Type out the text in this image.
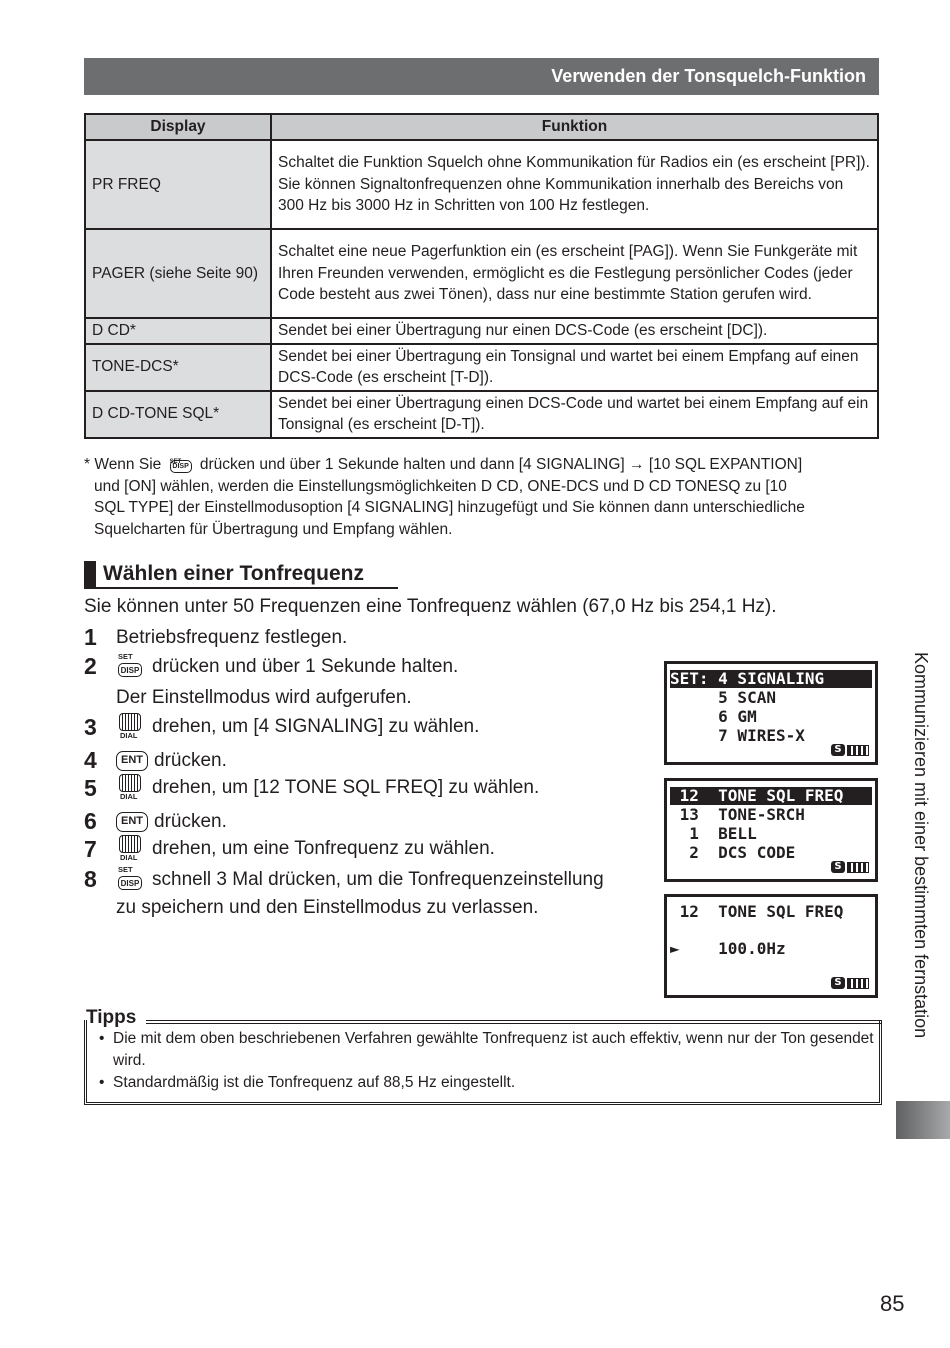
Verwenden der Tonsquelch-Funktion
Display	Funktion
PR FREQ	Schaltet die Funktion Squelch ohne Kommunikation für Radios ein (es erscheint [PR]). Sie können Signaltonfrequenzen ohne Kommunikation innerhalb des Bereichs von 300 Hz bis 3000 Hz in Schritten von 100 Hz festlegen.
PAGER (siehe Seite 90)	Schaltet eine neue Pagerfunktion ein (es erscheint [PAG]). Wenn Sie Funkgeräte mit Ihren Freunden verwenden, ermöglicht es die Festlegung persönlicher Codes (jeder Code besteht aus zwei Tönen), dass nur eine bestimmte Station gerufen wird.
D CD*	Sendet bei einer Übertragung nur einen DCS-Code (es erscheint [DC]).
TONE-DCS*	Sendet bei einer Übertragung ein Tonsignal und wartet bei einem Empfang auf einen DCS-Code (es erscheint [T-D]).
D CD-TONE SQL*	Sendet bei einer Übertragung einen DCS-Code und wartet bei einem Empfang auf ein Tonsignal (es erscheint [D-T]).
* Wenn Sie SET
DISP drücken und über 1 Sekunde halten und dann [4 SIGNALING] → [10 SQL EXPANTION]
und [ON] wählen, werden die Einstellungsmöglichkeiten D CD, ONE-DCS und D CD TONESQ zu [10
SQL TYPE] der Einstellmodusoption [4 SIGNALING] hinzugefügt und Sie können dann unterschiedliche
Squelcharten für Übertragung und Empfang wählen.
Wählen einer Tonfrequenz
Sie können unter 50 Frequenzen eine Tonfrequenz wählen (67,0 Hz bis 254,1 Hz).
1	Betriebsfrequenz festlegen.
2	SET
DISP drücken und über 1 Sekunde halten.
Der Einstellmodus wird aufgerufen.
3	DIAL drehen, um [4 SIGNALING] zu wählen.
4	ENT drücken.
5	DIAL drehen, um [12 TONE SQL FREQ] zu wählen.
6	ENT drücken.
7	DIAL drehen, um eine Tonfrequenz zu wählen.
8	SET
DISP schnell 3 Mal drücken, um die Tonfrequenzeinstellung
zu speichern und den Einstellmodus zu verlassen.
SET: 4 SIGNALING
5 SCAN
6 GM
7 WIRES-X
S
12  TONE SQL FREQ
13  TONE-SRCH
1  BELL
2  DCS CODE
S
12  TONE SQL FREQ
►    100.0Hz
S
Tipps

•  Die mit dem oben beschriebenen Verfahren gewählte Tonfrequenz ist auch effektiv, wenn nur der Ton gesendet wird.

•  Standardmäßig ist die Tonfrequenz auf 88,5 Hz eingestellt.

Kommunizieren mit einer bestimmten fernstation
85
